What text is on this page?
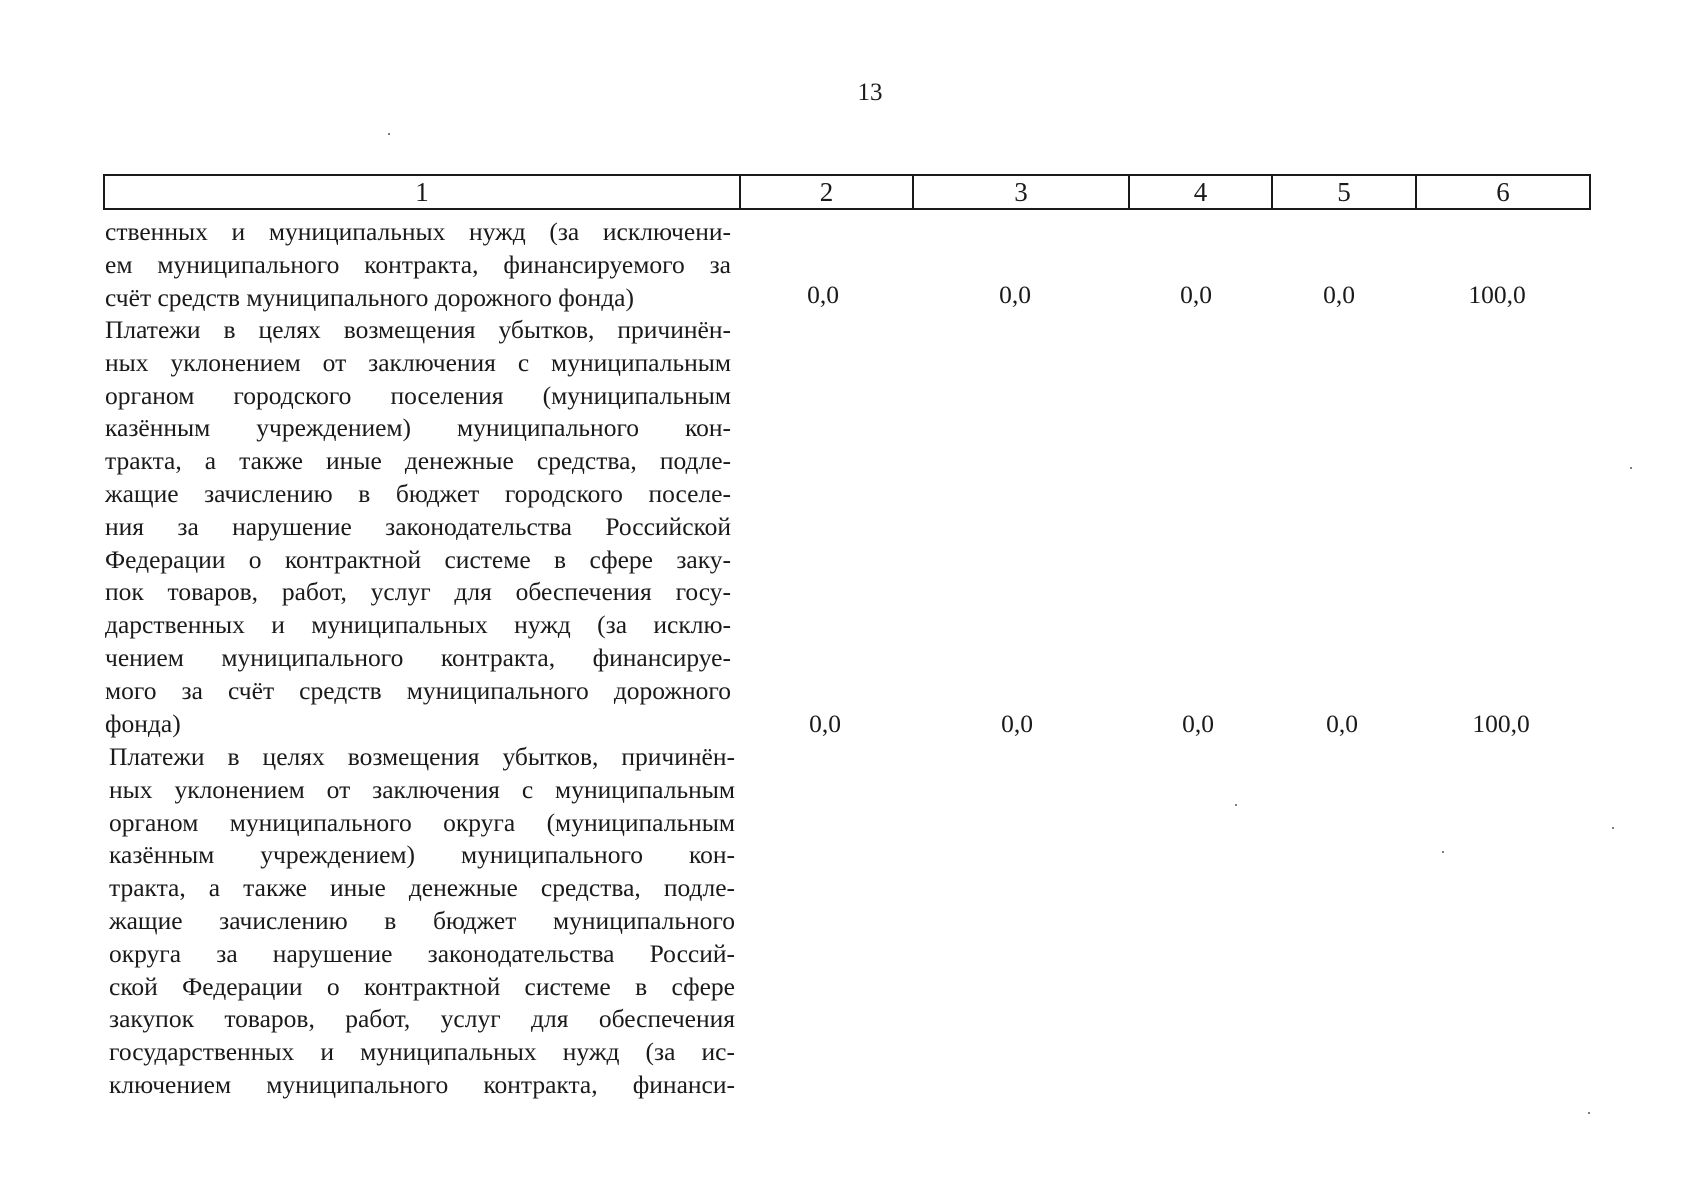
13
1	2	3	4	5	6
ственных и муниципальных нужд (за исключени-
ем муниципального контракта, финансируемого за
счёт средств муниципального дорожного фонда)	0,0	0,0	0,0	0,0	100,0
Платежи в целях возмещения убытков, причинён-
ных уклонением от заключения с муниципальным
органом городского поселения (муниципальным
казённым учреждением) муниципального кон-
тракта, а также иные денежные средства, подле-
жащие зачислению в бюджет городского поселе-
ния за нарушение законодательства Российской
Федерации о контрактной системе в сфере заку-
пок товаров, работ, услуг для обеспечения госу-
дарственных и муниципальных нужд (за исклю-
чением муниципального контракта, финансируе-
мого за счёт средств муниципального дорожного
фонда)	0,0	0,0	0,0	0,0	100,0
Платежи в целях возмещения убытков, причинён-
ных уклонением от заключения с муниципальным
органом муниципального округа (муниципальным
казённым учреждением) муниципального кон-
тракта, а также иные денежные средства, подле-
жащие зачислению в бюджет муниципального
округа за нарушение законодательства Россий-
ской Федерации о контрактной системе в сфере
закупок товаров, работ, услуг для обеспечения
государственных и муниципальных нужд (за ис-
ключением муниципального контракта, финанси-
